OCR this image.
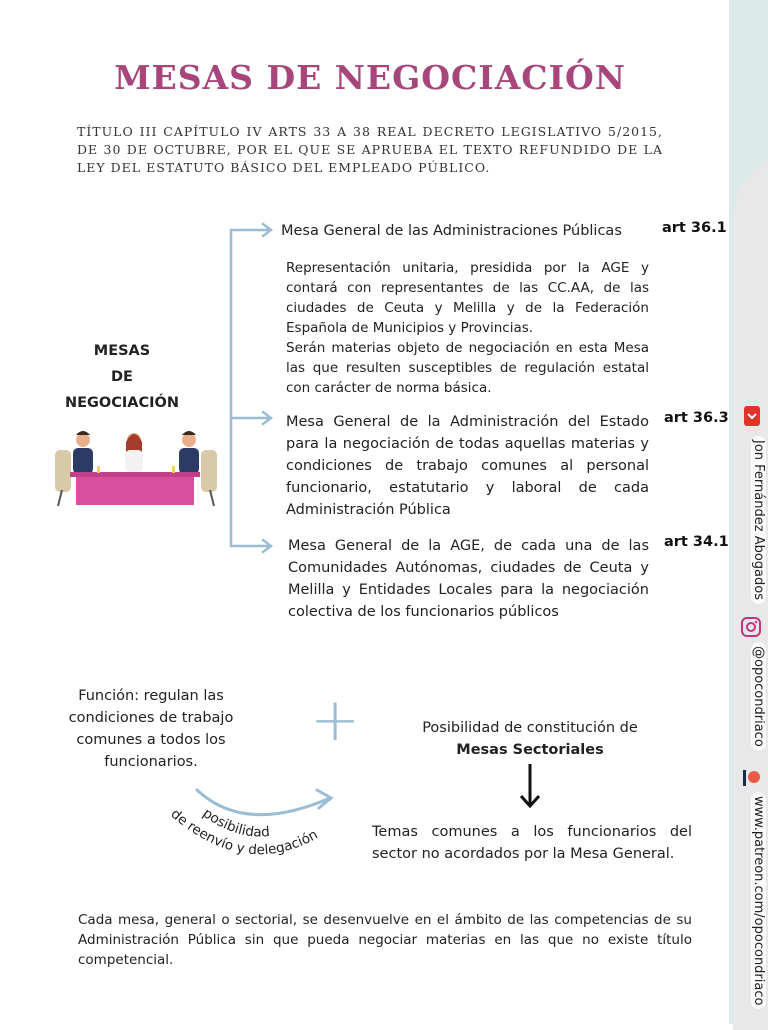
MESAS DE NEGOCIACIÓN
TÍTULO III CAPÍTULO IV ARTS 33 A 38 REAL DECRETO LEGISLATIVO 5/2015, DE 30 DE OCTUBRE, POR EL QUE SE APRUEBA EL TEXTO REFUNDIDO DE LA LEY DEL ESTATUTO BÁSICO DEL EMPLEADO PÚBLICO.
MESAS
DE
NEGOCIACIÓN
Mesa General de las Administraciones Públicas	art 36.1
Representación unitaria, presidida por la AGE y contará con representantes de las CC.AA, de las ciudades de Ceuta y Melilla y de la Federación Española de Municipios y Provincias.
Serán materias objeto de negociación en esta Mesa las que resulten susceptibles de regulación estatal con carácter de norma básica.
Mesa General de la Administración del Estado para la negociación de todas aquellas materias y condiciones de trabajo comunes al personal funcionario, estatutario y laboral de cada Administración Pública
art 36.3
Mesa General de la AGE, de cada una de las Comunidades Autónomas, ciudades de Ceuta y Melilla y Entidades Locales para la negociación colectiva de los funcionarios públicos
art 34.1
Función: regulan las condiciones de trabajo comunes a todos los funcionarios.
+
posibilidad
de reenvío y delegación
Posibilidad de constitución de
Mesas Sectoriales
Temas comunes a los funcionarios del sector no acordados por la Mesa General.
Cada mesa, general o sectorial, se desenvuelve en el ámbito de las competencias de su Administración Pública sin que pueda negociar materias en las que no existe título competencial.
Jon Fernández Abogados
@opocondriaco
www.patreon.com/opocondriaco
